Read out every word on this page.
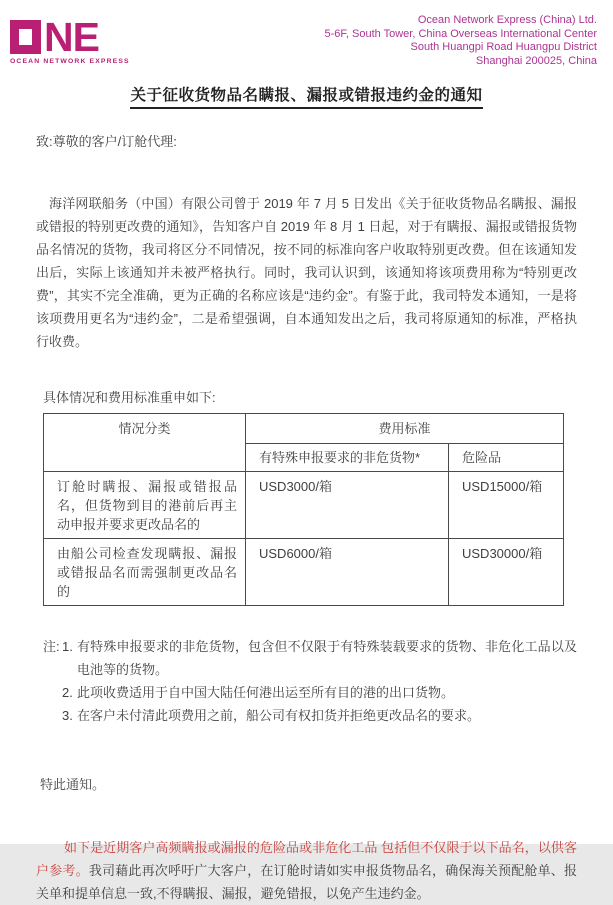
NE
OCEAN NETWORK EXPRESS
Ocean Network Express (China) Ltd.
5-6F, South Tower, China Overseas International Center
South Huangpi Road Huangpu District
Shanghai 200025, China
关于征收货物品名瞒报、漏报或错报违约金的通知
致:尊敬的客户/订舱代理:

海洋网联船务（中国）有限公司曾于 2019 年 7 月 5 日发出《关于征收货物品名瞒报、漏报或错报的特别更改费的通知》，告知客户自 2019 年 8 月 1 日起，对于有瞒报、漏报或错报货物品名情况的货物，我司将区分不同情况，按不同的标准向客户收取特别更改费。但在该通知发出后，实际上该通知并未被严格执行。同时，我司认识到，该通知将该项费用称为“特别更改费”，其实不完全准确，更为正确的名称应该是“违约金”。有鉴于此，我司特发本通知，一是将该项费用更名为“违约金”，二是希望强调，自本通知发出之后，我司将原通知的标准，严格执行收费。

具体情况和费用标准重申如下:
情况分类	费用标准	
	有特殊申报要求的非危货物*	危险品
订舱时瞒报、漏报或错报品名，但货物到目的港前后再主动申报并要求更改品名的	USD3000/箱	USD15000/箱
由船公司检查发现瞒报、漏报或错报品名而需强制更改品名的	USD6000/箱	USD30000/箱
注: 1. 有特殊申报要求的非危货物，包含但不仅限于有特殊装载要求的货物、非危化工品以及电池等的货物。
2. 此项收费适用于自中国大陆任何港出运至所有目的港的出口货物。
3. 在客户未付清此项费用之前，船公司有权扣货并拒绝更改品名的要求。
特此通知。

如下是近期客户高频瞒报或漏报的危险品或非危化工品 包括但不仅限于以下品名，以供客户参考。我司藉此再次呼吁广大客户，在订舱时请如实申报货物品名，确保海关预配舱单、报关单和提单信息一致,不得瞒报、漏报，避免错报，以免产生违约金。
